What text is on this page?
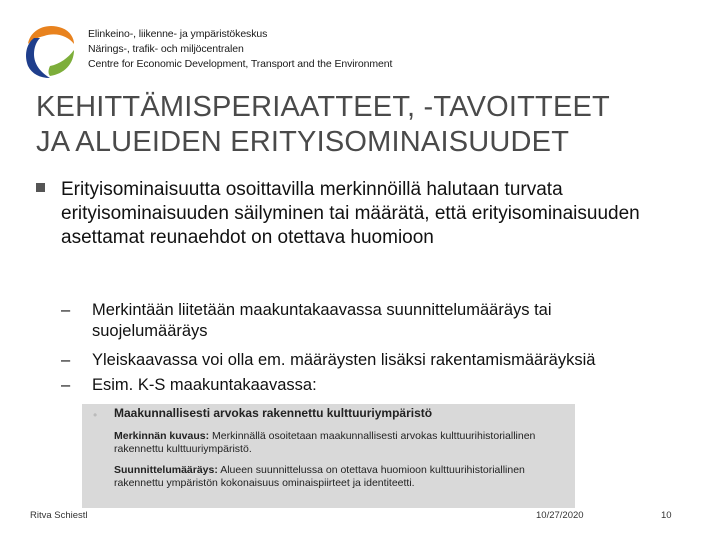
Elinkeino-, liikenne- ja ympäristökeskus
Närings-, trafik- och miljöcentralen
Centre for Economic Development, Transport and the Environment
KEHITTÄMISPERIAATTEET, -TAVOITTEET
JA ALUEIDEN ERITYISOMINAISUUDET
Erityisominaisuutta osoittavilla merkinnöillä halutaan turvata erityisominaisuuden säilyminen tai määrätä, että erityisominaisuuden asettamat reunaehdot on otettava huomioon
–	Merkintään liitetään maakuntakaavassa suunnittelumääräys tai
suojelumääräys
–	Yleiskaavassa voi olla em. määräysten lisäksi rakentamismääräyksiä
–	Esim. K-S maakuntakaavassa:
Maakunnallisesti arvokas rakennettu kulttuuriympäristö
Merkinnän kuvaus: Merkinnällä osoitetaan maakunnallisesti arvokas kulttuurihistoriallinen rakennettu kulttuuriympäristö.
Suunnittelumääräys: Alueen suunnittelussa on otettava huomioon kulttuurihistoriallinen rakennettu ympäristön kokonaisuus ominaispiirteet ja identiteetti.
•
Ritva Schiestl	10/27/2020	10
